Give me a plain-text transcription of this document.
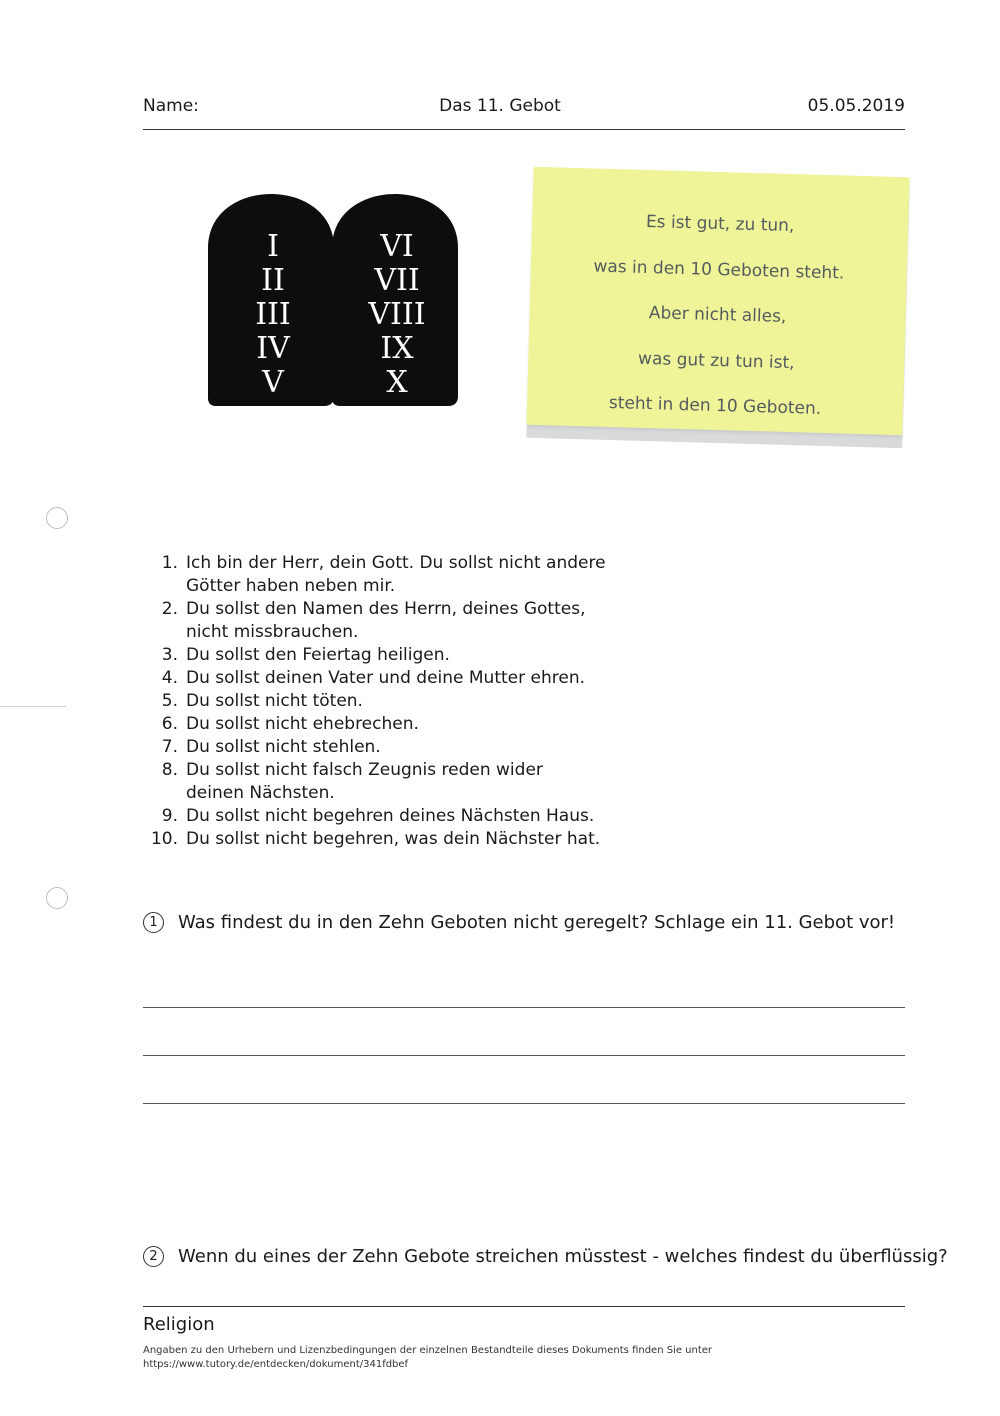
Name:	Das 11. Gebot	05.05.2019
I
II
III
IV
V
VI
VII
VIII
IX
X
Es ist gut, zu tun,
was in den 10 Geboten steht.
Aber nicht alles,
was gut zu tun ist,
steht in den 10 Geboten.
1. Ich bin der Herr, dein Gott. Du sollst nicht andere Götter haben neben mir.
2. Du sollst den Namen des Herrn, deines Gottes, nicht missbrauchen.
3. Du sollst den Feiertag heiligen.
4. Du sollst deinen Vater und deine Mutter ehren.
5. Du sollst nicht töten.
6. Du sollst nicht ehebrechen.
7. Du sollst nicht stehlen.
8. Du sollst nicht falsch Zeugnis reden wider deinen Nächsten.
9. Du sollst nicht begehren deines Nächsten Haus.
10. Du sollst nicht begehren, was dein Nächster hat.
1	Was findest du in den Zehn Geboten nicht geregelt? Schlage ein 11. Gebot vor!
2	Wenn du eines der Zehn Gebote streichen müsstest - welches findest du überflüssig?
Religion
Angaben zu den Urhebern und Lizenzbedingungen der einzelnen Bestandteile dieses Dokuments finden Sie unter
https://www.tutory.de/entdecken/dokument/341fdbef
